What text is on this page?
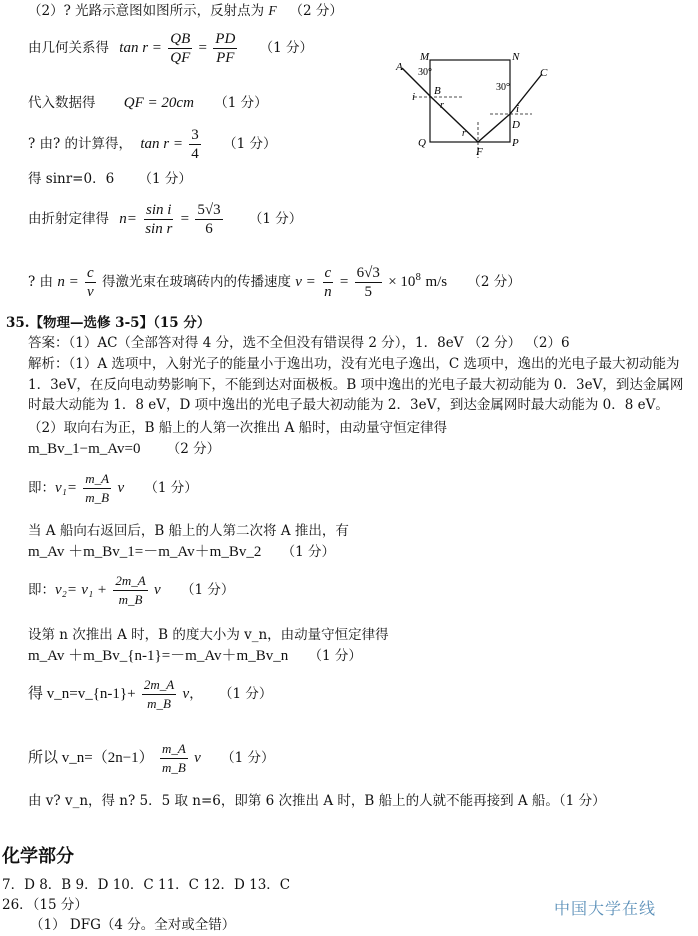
（2）? 光路示意图如图所示，反射点为 F （2 分）
由几何关系得 $\tan r = \frac{QB}{QF} = \frac{PD}{PF} (1$ 分）
代入数据得 QF = 20cm （1 分）
? 由? 的计算得， $\tan r = \frac{3}{4} (1$ 分）
得 sinr=0．6 （1 分）
由折射定律得 $n= \frac{\text{sin i}}{\text{sin r}} = \frac{5√3}{6} (1$ 分）
? 由 $n = \frac{c}{v}$ 得激光束在玻璃砖内的传播速度 $v = \frac{c}{n} = \frac{6√3}{5} \times 10^8$ m/s （2 分）
A
M
30°
i B
r
r
F
Q
N
C
30°
D
i
P
35.【物理—选修 3-5】（15 分）
答案：（1）AC（全部答对得 4 分，选不全但没有错误得 2 分），1．8eV （2 分） （2）6
解析：（1）A 选项中，入射光子的能量小于逸出功，没有光电子逸出，C 选项中，逸出的光电子最大初动能为 1．3eV，在反向电动势影响下，不能到达对面极板。B 项中逸出的光电子最大初动能为 0．3eV，到达金属网时最大动能为 1．8 eV，D 项中逸出的光电子最大初动能为 2．3eV，到达金属网时最大动能为 0．8 eV。
（2）取向右为正，B 船上的人第一次推出 A 船时，由动量守恒定律得
m_Bv_1−m_Av=0 （2 分）
即：$v_1= \frac{m\_A}{m\_B}$ v （1 分）
当 A 船向右返回后，B 船上的人第二次将 A 推出，有
m_Av ＋m_Bv_1=－m_Av＋m_Bv_2 （1 分）
即：$v_2= v_1 + \frac{2m\_A}{m\_B}$ v （1 分）
设第 n 次推出 A 时，B 的度大小为 v_n，由动量守恒定律得
m_Av ＋m_Bv_{n-1}=－m_Av＋m_Bv_n （1 分）
得 v_n=v_{n-1}+ $\frac{2m\_A}{m\_B}$ v， （1 分）
所以 v_n=（2n−1） $\frac{m\_A}{m\_B}$ v （1 分）
由 v? v_n，得 n? 5．5 取 n=6，即第 6 次推出 A 时，B 船上的人就不能再接到 A 船。（1 分）
化学部分
7．D 8．B 9．D 10．C 11．C 12．D 13．C
26．（15 分）
（1） DFG（4 分。全对或全错）
中国大学在线
